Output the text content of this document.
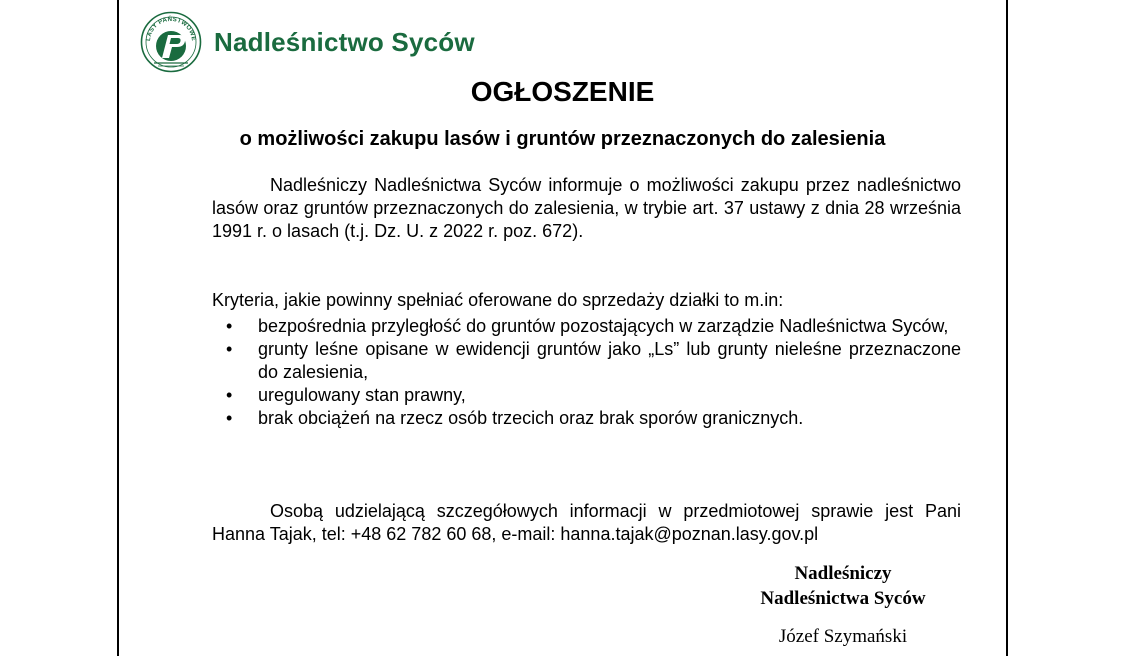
LASY PAŃSTWOWE Nadleśnictwo Syców
OGŁOSZENIE
o możliwości zakupu lasów i gruntów przeznaczonych do zalesienia
Nadleśniczy Nadleśnictwa Syców informuje o możliwości zakupu przez nadleśnictwo lasów oraz gruntów przeznaczonych do zalesienia, w trybie art. 37 ustawy z dnia 28 września 1991 r. o lasach (t.j. Dz. U. z 2022 r. poz. 672).
Kryteria, jakie powinny spełniać oferowane do sprzedaży działki to m.in:
• bezpośrednia przyległość do gruntów pozostających w zarządzie Nadleśnictwa Syców,
• grunty leśne opisane w ewidencji gruntów jako „Ls” lub grunty nieleśne przeznaczone do zalesienia,
• uregulowany stan prawny,
• brak obciążeń na rzecz osób trzecich oraz brak sporów granicznych.
Osobą udzielającą szczegółowych informacji w przedmiotowej sprawie jest Pani Hanna Tajak, tel: +48 62 782 60 68, e-mail: hanna.tajak@poznan.lasy.gov.pl
Nadleśniczy
Nadleśnictwa Syców
Józef Szymański
